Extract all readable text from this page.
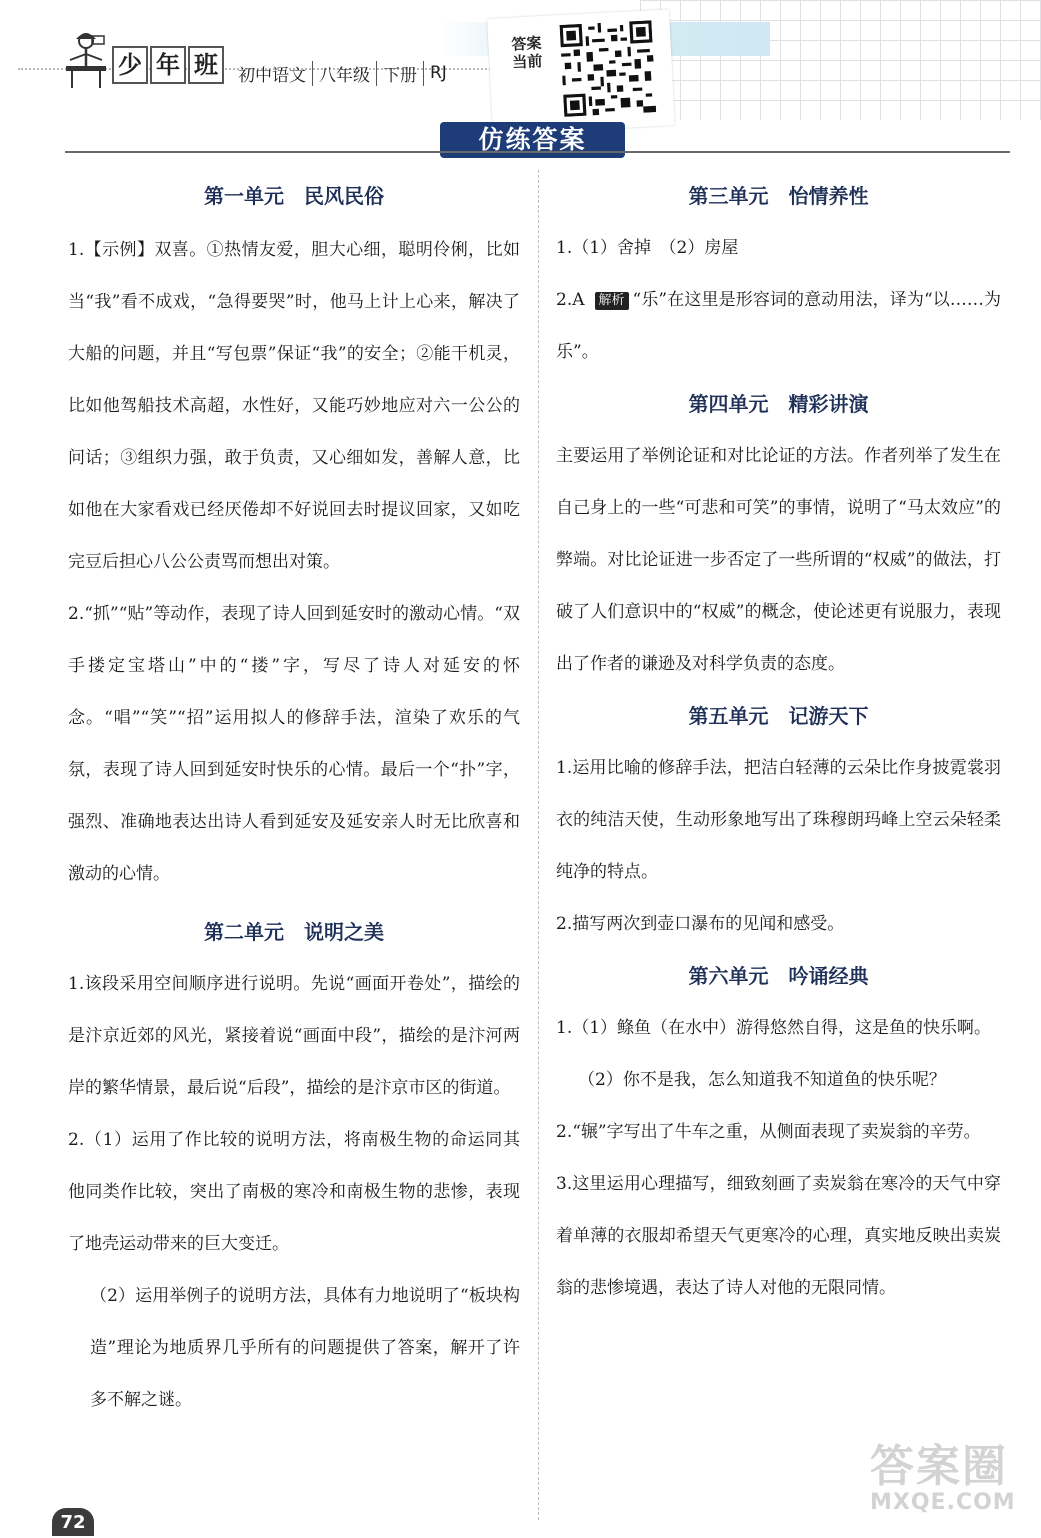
少 年 班	初中语文 八年级 下册 RJ
答案当前
仿练答案
第一单元　民风民俗

1.【示例】双喜。①热情友爱，胆大心细，聪明伶俐，比如当“我”看不成戏，“急得要哭”时，他马上计上心来，解决了大船的问题，并且“写包票”保证“我”的安全；②能干机灵，比如他驾船技术高超，水性好，又能巧妙地应对六一公公的问话；③组织力强，敢于负责，又心细如发，善解人意，比如他在大家看戏已经厌倦却不好说回去时提议回家，又如吃完豆后担心八公公责骂而想出对策。

2.“抓”“贴”等动作，表现了诗人回到延安时的激动心情。“双手搂定宝塔山”中的“搂”字，写尽了诗人对延安的怀念。“唱”“笑”“招”运用拟人的修辞手法，渲染了欢乐的气氛，表现了诗人回到延安时快乐的心情。最后一个“扑”字，强烈、准确地表达出诗人看到延安及延安亲人时无比欣喜和激动的心情。

第二单元　说明之美

1.该段采用空间顺序进行说明。先说“画面开卷处”，描绘的是汴京近郊的风光，紧接着说“画面中段”，描绘的是汴河两岸的繁华情景，最后说“后段”，描绘的是汴京市区的街道。

2.（1）运用了作比较的说明方法，将南极生物的命运同其他同类作比较，突出了南极的寒冷和南极生物的悲惨，表现了地壳运动带来的巨大变迁。

（2）运用举例子的说明方法，具体有力地说明了“板块构造”理论为地质界几乎所有的问题提供了答案，解开了许多不解之谜。

第三单元　怡情养性

1.（1）舍掉　（2）房屋

2.A 解析 “乐”在这里是形容词的意动用法，译为“以……为乐”。

第四单元　精彩讲演

主要运用了举例论证和对比论证的方法。作者列举了发生在自己身上的一些“可悲和可笑”的事情，说明了“马太效应”的弊端。对比论证进一步否定了一些所谓的“权威”的做法，打破了人们意识中的“权威”的概念，使论述更有说服力，表现出了作者的谦逊及对科学负责的态度。

第五单元　记游天下

1.运用比喻的修辞手法，把洁白轻薄的云朵比作身披霓裳羽衣的纯洁天使，生动形象地写出了珠穆朗玛峰上空云朵轻柔纯净的特点。

2.描写两次到壶口瀑布的见闻和感受。

第六单元　吟诵经典

1.（1）鲦鱼（在水中）游得悠然自得，这是鱼的快乐啊。

（2）你不是我，怎么知道我不知道鱼的快乐呢？

2.“辗”字写出了牛车之重，从侧面表现了卖炭翁的辛劳。

3.这里运用心理描写，细致刻画了卖炭翁在寒冷的天气中穿着单薄的衣服却希望天气更寒冷的心理，真实地反映出卖炭翁的悲惨境遇，表达了诗人对他的无限同情。

72
答案圈
MXQE.COM
